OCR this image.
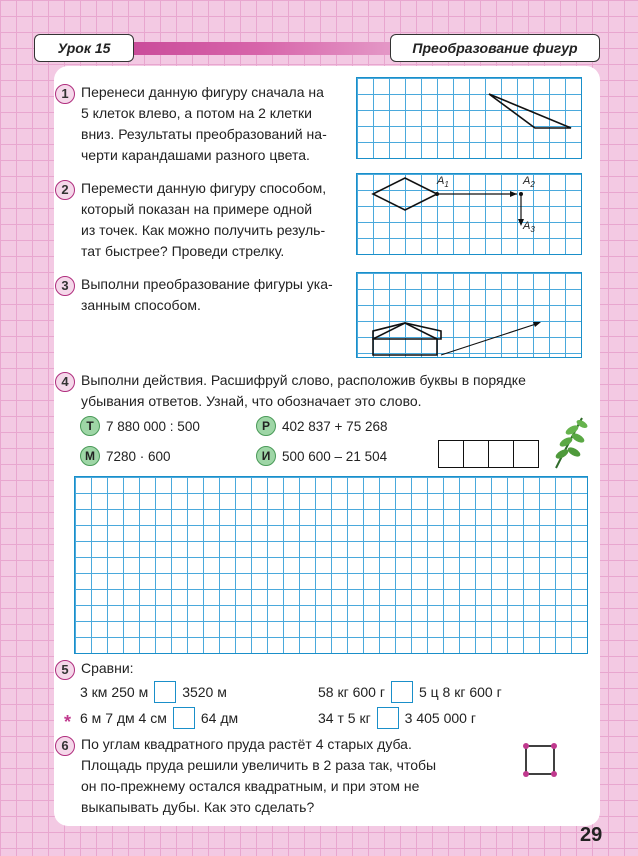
Урок 15	Преобразование фигур
1 Перенеси данную фигуру сначала на
5 клеток влево, а потом на 2 клетки
вниз. Результаты преобразований на-
черти карандашами разного цвета.
2 Перемести данную фигуру способом,
который показан на примере одной
из точек. Как можно получить резуль-
тат быстрее? Проведи стрелку.
$A_1$	$A_2$
$A_3$
3 Выполни преобразование фигуры ука-
занным способом.
4 Выполни действия. Расшифруй слово, расположив буквы в порядке
убывания ответов. Узнай, что обозначает это слово.
Т 7 880 000 : 500	Р 402 837 + 75 268
М 7280 · 600	И 500 600 – 21 504
5 Сравни:
3 км 250 м 3520 м	58 кг 600 г 5 ц 8 кг 600 г
6 м 7 дм 4 см 64 дм	34 т 5 кг 3 405 000 г
*
6 По углам квадратного пруда растёт 4 старых дуба.
Площадь пруда решили увеличить в 2 раза так, чтобы
он по-прежнему остался квадратным, и при этом не
выкапывать дубы. Как это сделать?
29
